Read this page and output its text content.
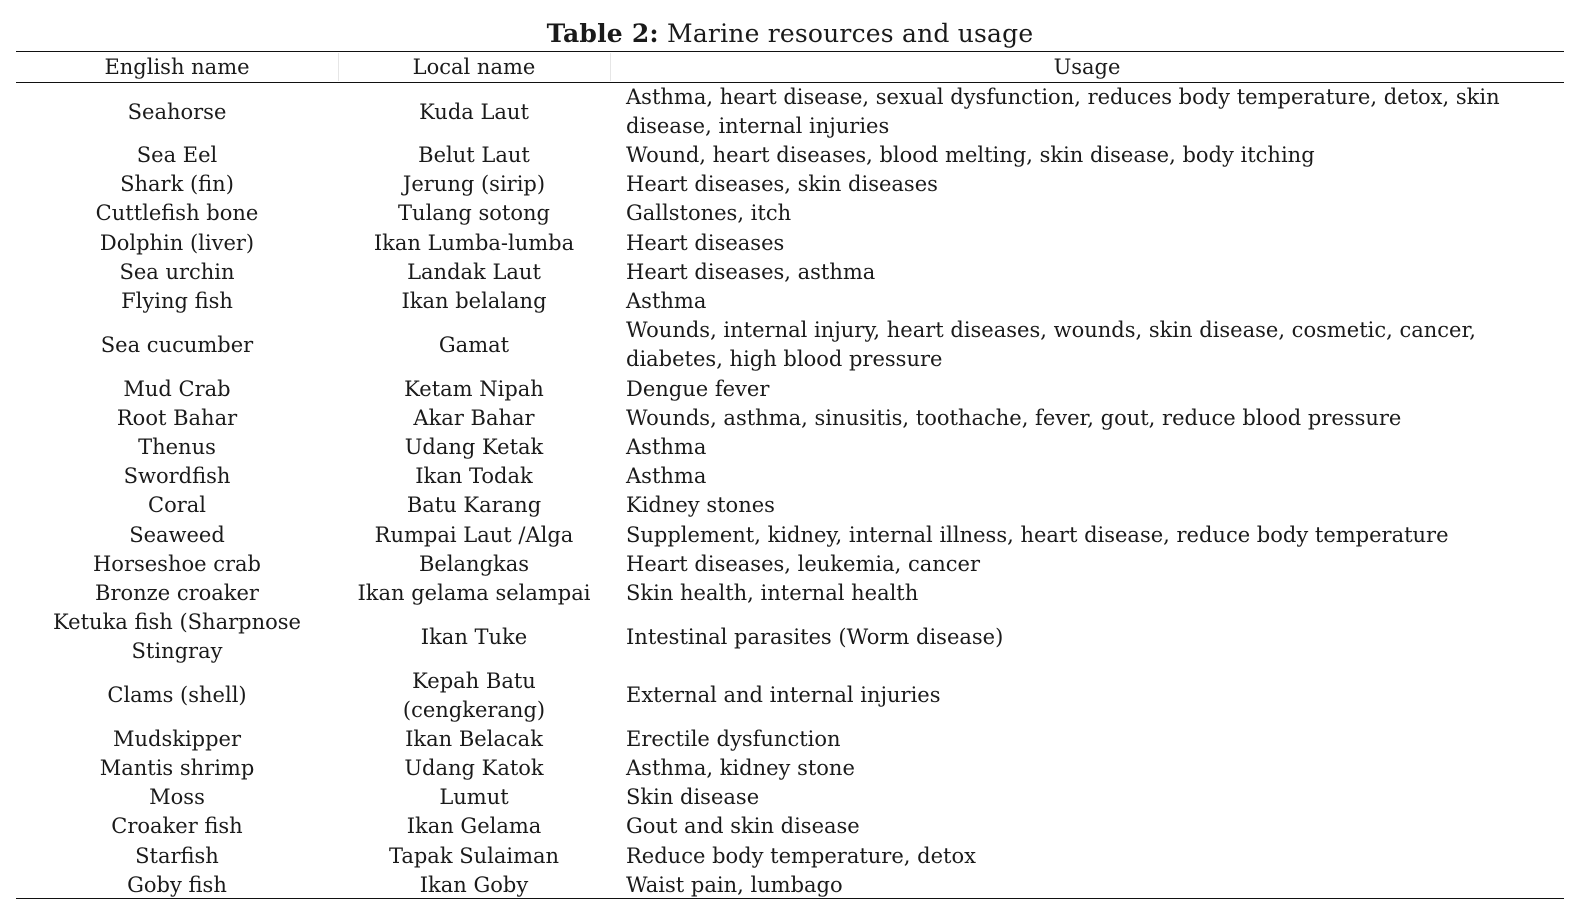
Table 2: Marine resources and usage
English name	Local name	Usage
Seahorse	Kuda Laut	Asthma, heart disease, sexual dysfunction, reduces body temperature, detox, skin disease, internal injuries
Sea Eel	Belut Laut	Wound, heart diseases, blood melting, skin disease, body itching
Shark (fin)	Jerung (sirip)	Heart diseases, skin diseases
Cuttlefish bone	Tulang sotong	Gallstones, itch
Dolphin (liver)	Ikan Lumba-lumba	Heart diseases
Sea urchin	Landak Laut	Heart diseases, asthma
Flying fish	Ikan belalang	Asthma
Sea cucumber	Gamat	Wounds, internal injury, heart diseases, wounds, skin disease, cosmetic, cancer, diabetes, high blood pressure
Mud Crab	Ketam Nipah	Dengue fever
Root Bahar	Akar Bahar	Wounds, asthma, sinusitis, toothache, fever, gout, reduce blood pressure
Thenus	Udang Ketak	Asthma
Swordfish	Ikan Todak	Asthma
Coral	Batu Karang	Kidney stones
Seaweed	Rumpai Laut /Alga	Supplement, kidney, internal illness, heart disease, reduce body temperature
Horseshoe crab	Belangkas	Heart diseases, leukemia, cancer
Bronze croaker	Ikan gelama selampai	Skin health, internal health
Ketuka fish (Sharpnose Stingray	Ikan Tuke	Intestinal parasites (Worm disease)
Clams (shell)	Kepah Batu (cengkerang)	External and internal injuries
Mudskipper	Ikan Belacak	Erectile dysfunction
Mantis shrimp	Udang Katok	Asthma, kidney stone
Moss	Lumut	Skin disease
Croaker fish	Ikan Gelama	Gout and skin disease
Starfish	Tapak Sulaiman	Reduce body temperature, detox
Goby fish	Ikan Goby	Waist pain, lumbago
